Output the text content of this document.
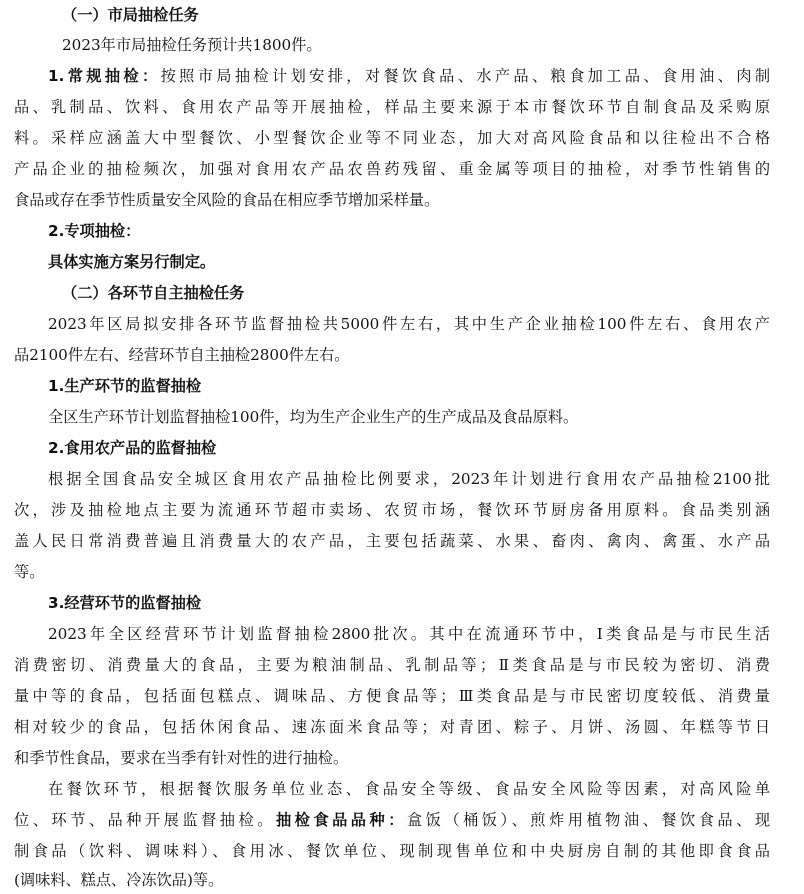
（一）市局抽检任务
2023年市局抽检任务预计共1800件。
1.常规抽检：按照市局抽检计划安排，对餐饮食品、水产品、粮食加工品、食用油、肉制
品、乳制品、饮料、食用农产品等开展抽检，样品主要来源于本市餐饮环节自制食品及采购原
料。采样应涵盖大中型餐饮、小型餐饮企业等不同业态，加大对高风险食品和以往检出不合格
产品企业的抽检频次，加强对食用农产品农兽药残留、重金属等项目的抽检，对季节性销售的
食品或存在季节性质量安全风险的食品在相应季节增加采样量。
2.专项抽检：
具体实施方案另行制定。
（二）各环节自主抽检任务
2023年区局拟安排各环节监督抽检共5000件左右，其中生产企业抽检100件左右、食用农产
品2100件左右、经营环节自主抽检2800件左右。
1.生产环节的监督抽检
全区生产环节计划监督抽检100件，均为生产企业生产的生产成品及食品原料。
2.食用农产品的监督抽检
根据全国食品安全城区食用农产品抽检比例要求，2023年计划进行食用农产品抽检2100批
次，涉及抽检地点主要为流通环节超市卖场、农贸市场，餐饮环节厨房备用原料。食品类别涵
盖人民日常消费普遍且消费量大的农产品，主要包括蔬菜、水果、畜肉、禽肉、禽蛋、水产品
等。
3.经营环节的监督抽检
2023年全区经营环节计划监督抽检2800批次。其中在流通环节中，Ⅰ类食品是与市民生活
消费密切、消费量大的食品，主要为粮油制品、乳制品等；Ⅱ类食品是与市民较为密切、消费
量中等的食品，包括面包糕点、调味品、方便食品等；Ⅲ类食品是与市民密切度较低、消费量
相对较少的食品，包括休闲食品、速冻面米食品等；对青团、粽子、月饼、汤圆、年糕等节日
和季节性食品，要求在当季有针对性的进行抽检。
在餐饮环节，根据餐饮服务单位业态、食品安全等级、食品安全风险等因素，对高风险单
位、环节、品种开展监督抽检。抽检食品品种：盒饭（桶饭）、煎炸用植物油、餐饮食品、现
制食品（饮料、调味料）、食用冰、餐饮单位、现制现售单位和中央厨房自制的其他即食食品
(调味料、糕点、冷冻饮品)等。
